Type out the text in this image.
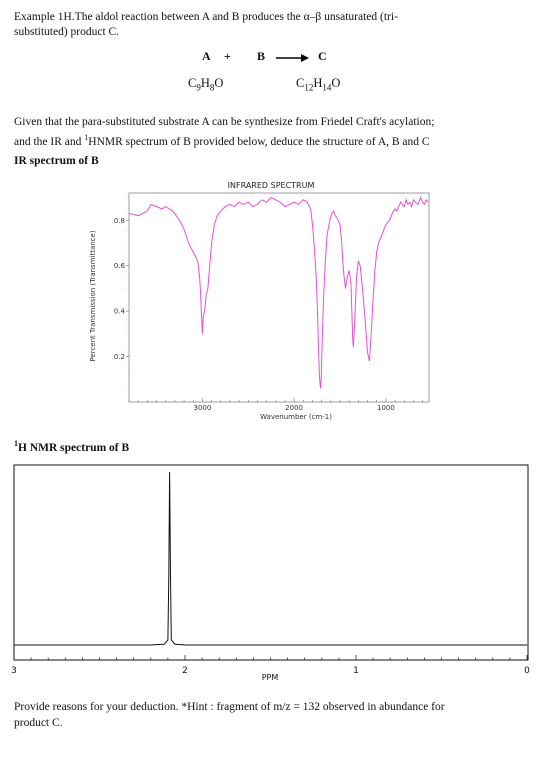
Example 1H.The aldol reaction between A and B produces the α–β unsaturated (tri-
substituted) product C.
A + B → C
$C_9H_8O$	$C_{12}H_{14}O$
Given that the para-substituted substrate A can be synthesize from Friedel Craft's acylation;
and the IR and $^1$HNMR spectrum of B provided below, deduce the structure of A, B and C
IR spectrum of B
INFRARED SPECTRUM
Percent Transmission (Transmittance)
0.8
0.6
0.4
0.2
3000	2000	1000
Wavenumber (cm-1)
$^1$H NMR spectrum of B
3	2	1	0
PPM
Provide reasons for your deduction. *Hint : fragment of m/z = 132 observed in abundance for
product C.
